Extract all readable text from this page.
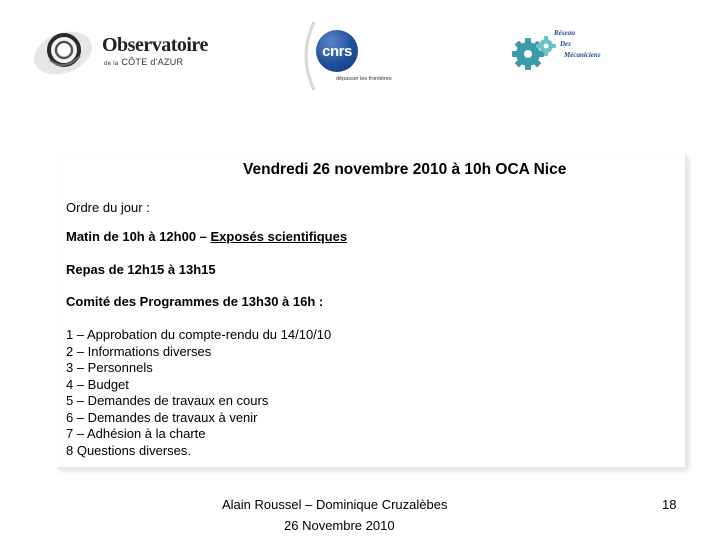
Observatoire
de la CÔTE d'AZUR
cnrs
dépasser les frontières
Réseau
Des
Mécaniciens
Vendredi 26 novembre 2010 à 10h OCA Nice
Ordre du jour :
Matin de 10h à 12h00 – Exposés scientifiques
Repas de 12h15 à 13h15
Comité des Programmes de 13h30 à 16h :
1 – Approbation du compte-rendu du 14/10/10
2 – Informations diverses
3 – Personnels
4 – Budget
5 – Demandes de travaux en cours
6 – Demandes de travaux à venir
7 – Adhésion à la charte
8 Questions diverses.
Alain Roussel – Dominique Cruzalèbes
26 Novembre 2010
18
